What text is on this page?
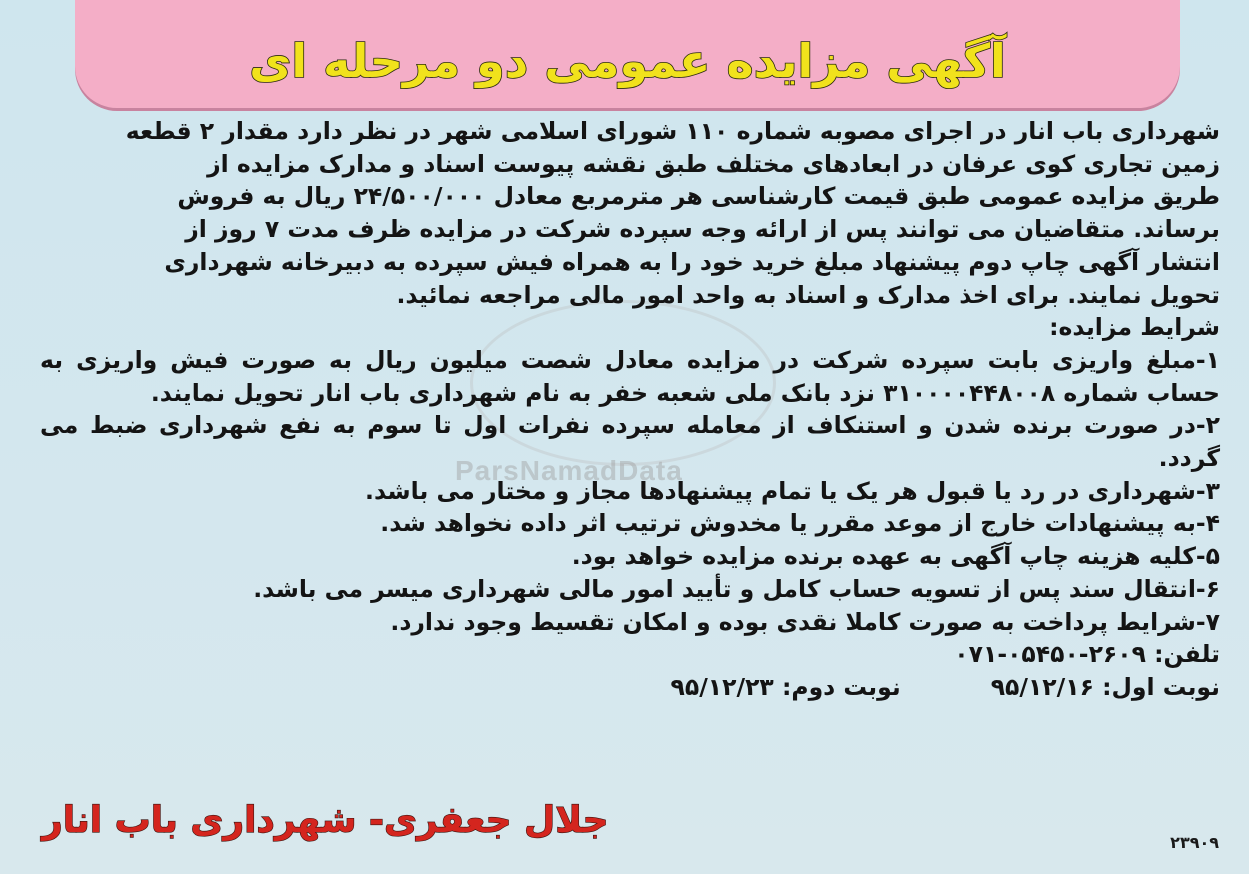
ParsNamadData
آگهی مزایده عمومی دو مرحله ای
شهرداری باب انار در اجرای مصوبه شماره ۱۱۰ شورای اسلامی شهر در نظر دارد مقدار ۲ قطعه
زمین تجاری کوی عرفان در ابعادهای مختلف طبق نقشه پیوست اسناد و مدارک مزایده از
طریق مزایده عمومی طبق قیمت کارشناسی هر مترمربع معادل ۲۴/۵۰۰/۰۰۰ ریال به فروش
برساند. متقاضیان می توانند پس از ارائه وجه سپرده شرکت در مزایده ظرف مدت ۷ روز از
انتشار آگهی چاپ دوم پیشنهاد مبلغ خرید خود را به همراه فیش سپرده به دبیرخانه شهرداری
تحویل نمایند. برای اخذ مدارک و اسناد به واحد امور مالی مراجعه نمائید.

شرایط مزایده:

۱-مبلغ واریزی بابت سپرده شرکت در مزایده معادل شصت میلیون ریال به صورت فیش واریزی به حساب شماره ۳۱۰۰۰۰۴۴۸۰۰۸ نزد بانک ملی شعبه خفر به نام شهرداری باب انار تحویل نمایند.

۲-در صورت برنده شدن و استنکاف از معامله سپرده نفرات اول تا سوم به نفع شهرداری ضبط می گردد.

۳-شهرداری در رد یا قبول هر یک یا تمام پیشنهادها مجاز و مختار می باشد.

۴-به پیشنهادات خارج از موعد مقرر یا مخدوش ترتیب اثر داده نخواهد شد.

۵-کلیه هزینه چاپ آگهی به عهده برنده مزایده خواهد بود.

۶-انتقال سند پس از تسویه حساب کامل و تأیید امور مالی شهرداری میسر می باشد.

۷-شرایط پرداخت به صورت کاملا نقدی بوده و امکان تقسیط وجود ندارد.

تلفن: ۲۶۰۹-۰۵۴۵۰-۰۷۱

نوبت اول: ۹۵/۱۲/۱۶
نوبت دوم: ۹۵/۱۲/۲۳
جلال جعفری- شهرداری باب انار
۲۳۹۰۹
